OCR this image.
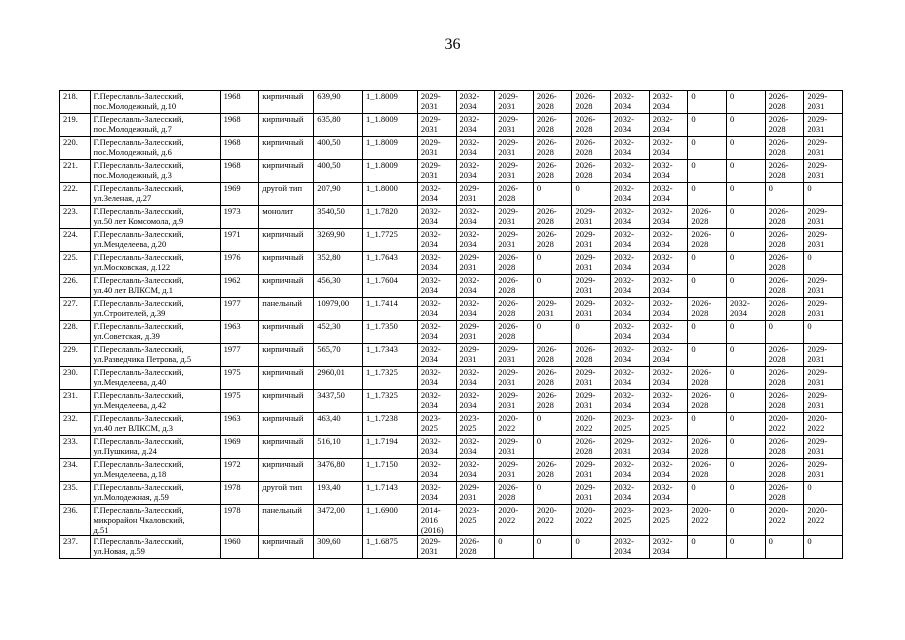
36
218.	Г.Переславль-Залесский,
пос.Молодежный, д.10	1968	кирпичный	639,90	1_1.8009	2029-
2031	2032-
2034	2029-
2031	2026-
2028	2026-
2028	2032-
2034	2032-
2034	0	0	2026-
2028	2029-
2031
219.	Г.Переславль-Залесский,
пос.Молодежный, д.7	1968	кирпичный	635,80	1_1.8009	2029-
2031	2032-
2034	2029-
2031	2026-
2028	2026-
2028	2032-
2034	2032-
2034	0	0	2026-
2028	2029-
2031
220.	Г.Переславль-Залесский,
пос.Молодежный, д.6	1968	кирпичный	400,50	1_1.8009	2029-
2031	2032-
2034	2029-
2031	2026-
2028	2026-
2028	2032-
2034	2032-
2034	0	0	2026-
2028	2029-
2031
221.	Г.Переславль-Залесский,
пос.Молодежный, д.3	1968	кирпичный	400,50	1_1.8009	2029-
2031	2032-
2034	2029-
2031	2026-
2028	2026-
2028	2032-
2034	2032-
2034	0	0	2026-
2028	2029-
2031
222.	Г.Переславль-Залесский,
ул.Зеленая, д.27	1969	другой тип	207,90	1_1.8000	2032-
2034	2029-
2031	2026-
2028	0	0	2032-
2034	2032-
2034	0	0	0	0
223.	Г.Переславль-Залесский,
ул.50 лет Комсомола, д.9	1973	монолит	3540,50	1_1.7820	2032-
2034	2032-
2034	2029-
2031	2026-
2028	2029-
2031	2032-
2034	2032-
2034	2026-
2028	0	2026-
2028	2029-
2031
224.	Г.Переславль-Залесский,
ул.Менделеева, д.20	1971	кирпичный	3269,90	1_1.7725	2032-
2034	2032-
2034	2029-
2031	2026-
2028	2029-
2031	2032-
2034	2032-
2034	2026-
2028	0	2026-
2028	2029-
2031
225.	Г.Переславль-Залесский,
ул.Московская, д.122	1976	кирпичный	352,80	1_1.7643	2032-
2034	2029-
2031	2026-
2028	0	2029-
2031	2032-
2034	2032-
2034	0	0	2026-
2028	0
226.	Г.Переславль-Залесский,
ул.40 лет ВЛКСМ, д.1	1962	кирпичный	456,30	1_1.7604	2032-
2034	2032-
2034	2026-
2028	0	2029-
2031	2032-
2034	2032-
2034	0	0	2026-
2028	2029-
2031
227.	Г.Переславль-Залесский,
ул.Строителей, д.39	1977	панельный	10979,00	1_1.7414	2032-
2034	2032-
2034	2026-
2028	2029-
2031	2029-
2031	2032-
2034	2032-
2034	2026-
2028	2032-
2034	2026-
2028	2029-
2031
228.	Г.Переславль-Залесский,
ул.Советская, д.39	1963	кирпичный	452,30	1_1.7350	2032-
2034	2029-
2031	2026-
2028	0	0	2032-
2034	2032-
2034	0	0	0	0
229.	Г.Переславль-Залесский,
ул.Разведчика Петрова, д.5	1977	кирпичный	565,70	1_1.7343	2032-
2034	2029-
2031	2029-
2031	2026-
2028	2026-
2028	2032-
2034	2032-
2034	0	0	2026-
2028	2029-
2031
230.	Г.Переславль-Залесский,
ул.Менделеева, д.40	1975	кирпичный	2960,01	1_1.7325	2032-
2034	2032-
2034	2029-
2031	2026-
2028	2029-
2031	2032-
2034	2032-
2034	2026-
2028	0	2026-
2028	2029-
2031
231.	Г.Переславль-Залесский,
ул.Менделеева, д.42	1975	кирпичный	3437,50	1_1.7325	2032-
2034	2032-
2034	2029-
2031	2026-
2028	2029-
2031	2032-
2034	2032-
2034	2026-
2028	0	2026-
2028	2029-
2031
232.	Г.Переславль-Залесский,
ул.40 лет ВЛКСМ, д.3	1963	кирпичный	463,40	1_1.7238	2023-
2025	2023-
2025	2020-
2022	0	2020-
2022	2023-
2025	2023-
2025	0	0	2020-
2022	2020-
2022
233.	Г.Переславль-Залесский,
ул.Пушкина, д.24	1969	кирпичный	516,10	1_1.7194	2032-
2034	2032-
2034	2029-
2031	0	2026-
2028	2029-
2031	2032-
2034	2026-
2028	0	2026-
2028	2029-
2031
234.	Г.Переславль-Залесский,
ул.Менделеева, д.18	1972	кирпичный	3476,80	1_1.7150	2032-
2034	2032-
2034	2029-
2031	2026-
2028	2029-
2031	2032-
2034	2032-
2034	2026-
2028	0	2026-
2028	2029-
2031
235.	Г.Переславль-Залесский,
ул.Молодежная, д.59	1978	другой тип	193,40	1_1.7143	2032-
2034	2029-
2031	2026-
2028	0	2029-
2031	2032-
2034	2032-
2034	0	0	2026-
2028	0
236.	Г.Переславль-Залесский,
микрорайон Чкаловский,
д.51	1978	панельный	3472,00	1_1.6900	2014-
2016
(2016)	2023-
2025	2020-
2022	2020-
2022	2020-
2022	2023-
2025	2023-
2025	2020-
2022	0	2020-
2022	2020-
2022
237.	Г.Переславль-Залесский,
ул.Новая, д.59	1960	кирпичный	309,60	1_1.6875	2029-
2031	2026-
2028	0	0	0	2032-
2034	2032-
2034	0	0	0	0
